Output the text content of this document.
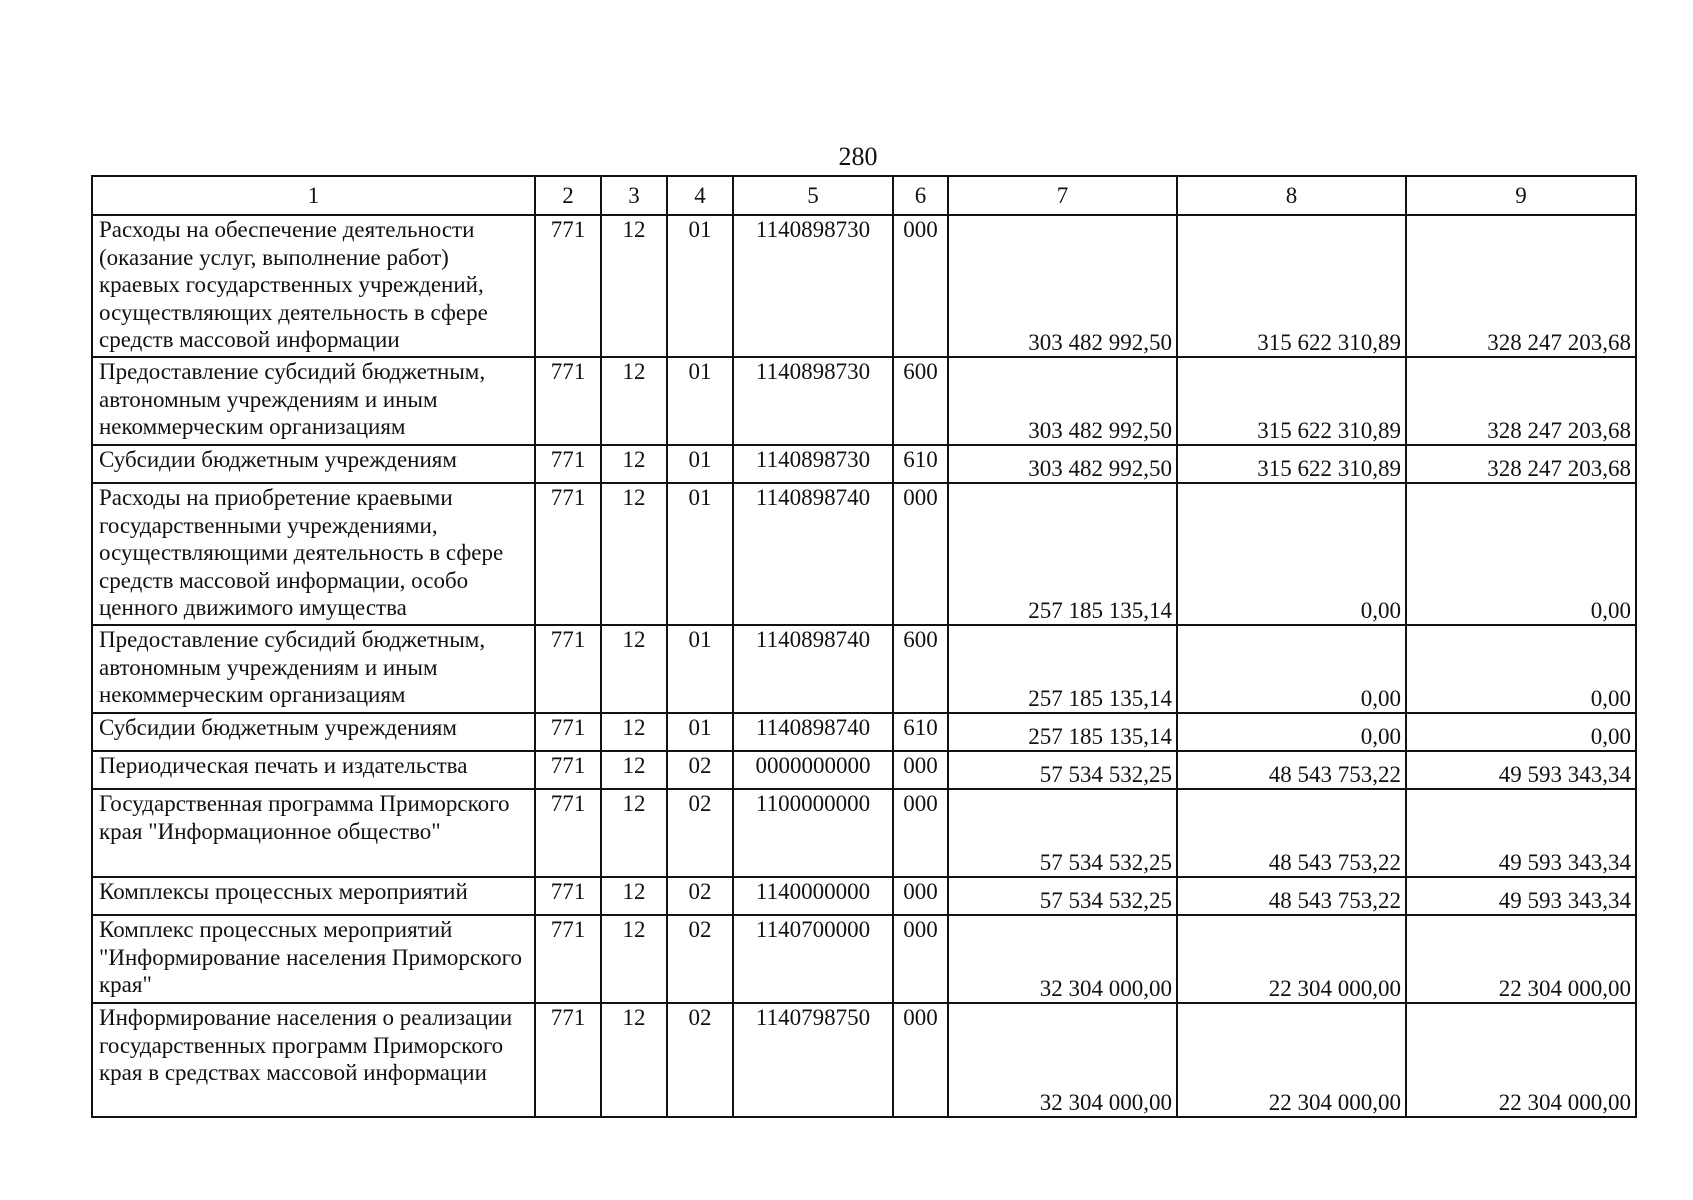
280
1	2	3	4	5	6	7	8	9
Расходы на обеспечение деятельности (оказание услуг, выполнение работ) краевых государственных учреждений, осуществляющих деятельность в сфере средств массовой информации	771	12	01	1140898730	000	303 482 992,50	315 622 310,89	328 247 203,68
Предоставление субсидий бюджетным, автономным учреждениям и иным некоммерческим организациям	771	12	01	1140898730	600	303 482 992,50	315 622 310,89	328 247 203,68
Субсидии бюджетным учреждениям	771	12	01	1140898730	610	303 482 992,50	315 622 310,89	328 247 203,68
Расходы на приобретение краевыми государственными учреждениями, осуществляющими деятельность в сфере средств массовой информации, особо ценного движимого имущества	771	12	01	1140898740	000	257 185 135,14	0,00	0,00
Предоставление субсидий бюджетным, автономным учреждениям и иным некоммерческим организациям	771	12	01	1140898740	600	257 185 135,14	0,00	0,00
Субсидии бюджетным учреждениям	771	12	01	1140898740	610	257 185 135,14	0,00	0,00
Периодическая печать и издательства	771	12	02	0000000000	000	57 534 532,25	48 543 753,22	49 593 343,34
Государственная программа Приморского края "Информационное общество"	771	12	02	1100000000	000	57 534 532,25	48 543 753,22	49 593 343,34
Комплексы процессных мероприятий	771	12	02	1140000000	000	57 534 532,25	48 543 753,22	49 593 343,34
Комплекс процессных мероприятий "Информирование населения Приморского края"	771	12	02	1140700000	000	32 304 000,00	22 304 000,00	22 304 000,00
Информирование населения о реализации государственных программ Приморского края в средствах массовой информации	771	12	02	1140798750	000	32 304 000,00	22 304 000,00	22 304 000,00
